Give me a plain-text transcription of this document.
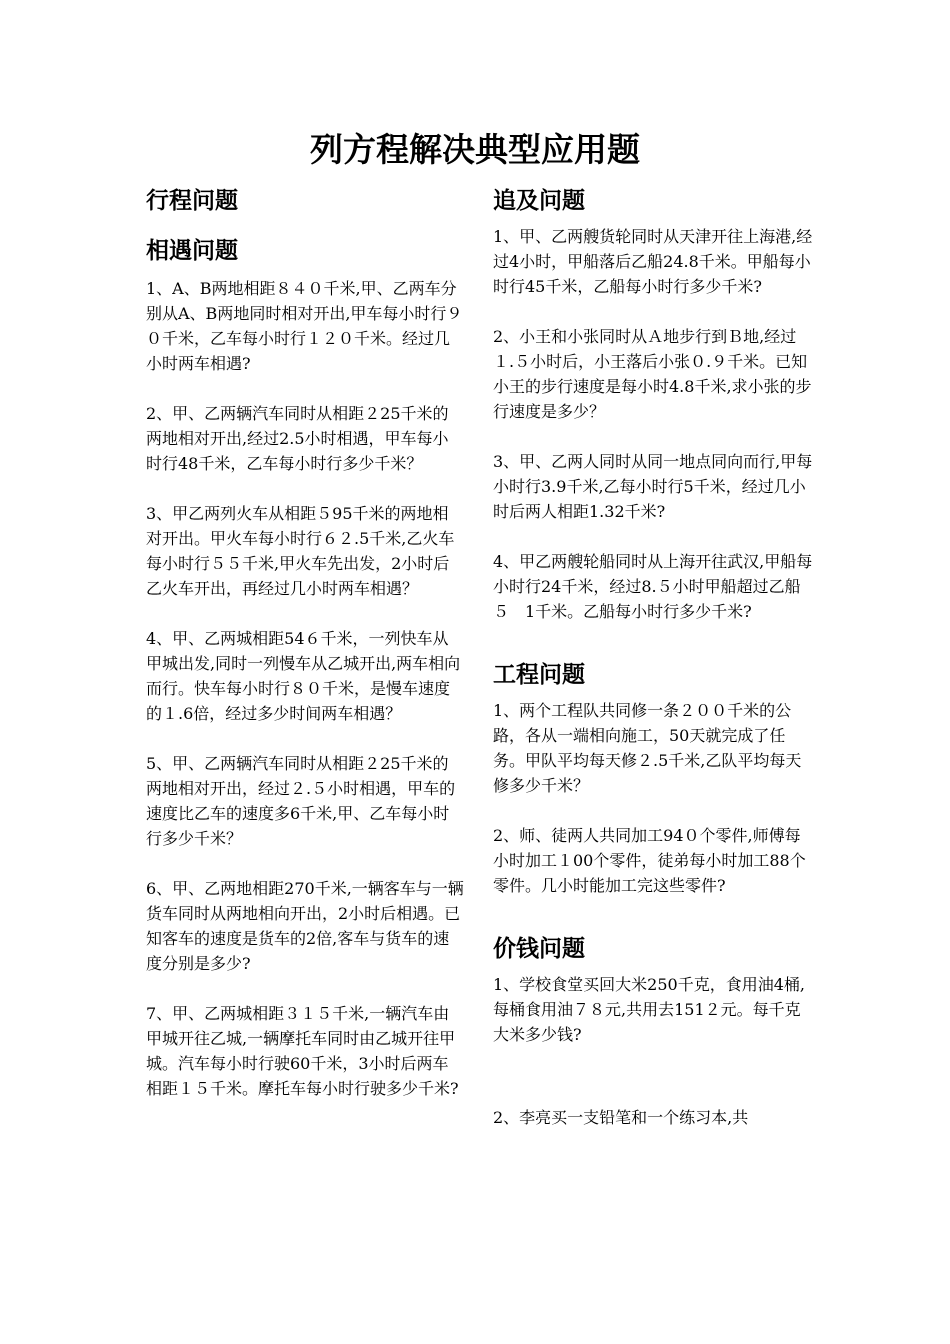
列方程解决典型应用题
行程问题
相遇问题

1、A、B两地相距８４０千米,甲、乙两车分别从A、B两地同时相对开出,甲车每小时行９０千米，乙车每小时行１２０千米。经过几小时两车相遇?

2、甲、乙两辆汽车同时从相距２25千米的两地相对开出,经过2.5小时相遇，甲车每小时行48千米，乙车每小时行多少千米？

3、甲乙两列火车从相距５95千米的两地相对开出。甲火车每小时行６２.5千米,乙火车每小时行５５千米,甲火车先出发，2小时后乙火车开出，再经过几小时两车相遇？

4、甲、乙两城相距54６千米，一列快车从甲城出发,同时一列慢车从乙城开出,两车相向而行。快车每小时行８０千米，是慢车速度的１.6倍，经过多少时间两车相遇？

5、甲、乙两辆汽车同时从相距２25千米的两地相对开出，经过２.５小时相遇，甲车的速度比乙车的速度多6千米,甲、乙车每小时行多少千米？

6、甲、乙两地相距270千米,一辆客车与一辆货车同时从两地相向开出，2小时后相遇。已知客车的速度是货车的2倍,客车与货车的速度分别是多少?

7、甲、乙两城相距３１５千米,一辆汽车由甲城开往乙城,一辆摩托车同时由乙城开往甲城。汽车每小时行驶60千米，3小时后两车相距１５千米。摩托车每小时行驶多少千米?

追及问题

1、甲、乙两艘货轮同时从天津开往上海港,经过4小时，甲船落后乙船24.8千米。甲船每小时行45千米，乙船每小时行多少千米?

2、小王和小张同时从Ａ地步行到Ｂ地,经过１.５小时后，小王落后小张０.９千米。已知小王的步行速度是每小时4.8千米,求小张的步行速度是多少？

3、甲、乙两人同时从同一地点同向而行,甲每小时行3.9千米,乙每小时行5千米，经过几小时后两人相距1.32千米?

4、甲乙两艘轮船同时从上海开往武汉,甲船每小时行24千米，经过8.５小时甲船超过乙船５　1千米。乙船每小时行多少千米?

工程问题

1、两个工程队共同修一条２００千米的公路，各从一端相向施工，50天就完成了任务。甲队平均每天修２.5千米,乙队平均每天修多少千米？

2、师、徒两人共同加工94０个零件,师傅每小时加工１00个零件，徒弟每小时加工88个零件。几小时能加工完这些零件?

价钱问题

1、学校食堂买回大米250千克，食用油4桶,每桶食用油７８元,共用去151２元。每千克大米多少钱?

2、李亮买一支铅笔和一个练习本,共
